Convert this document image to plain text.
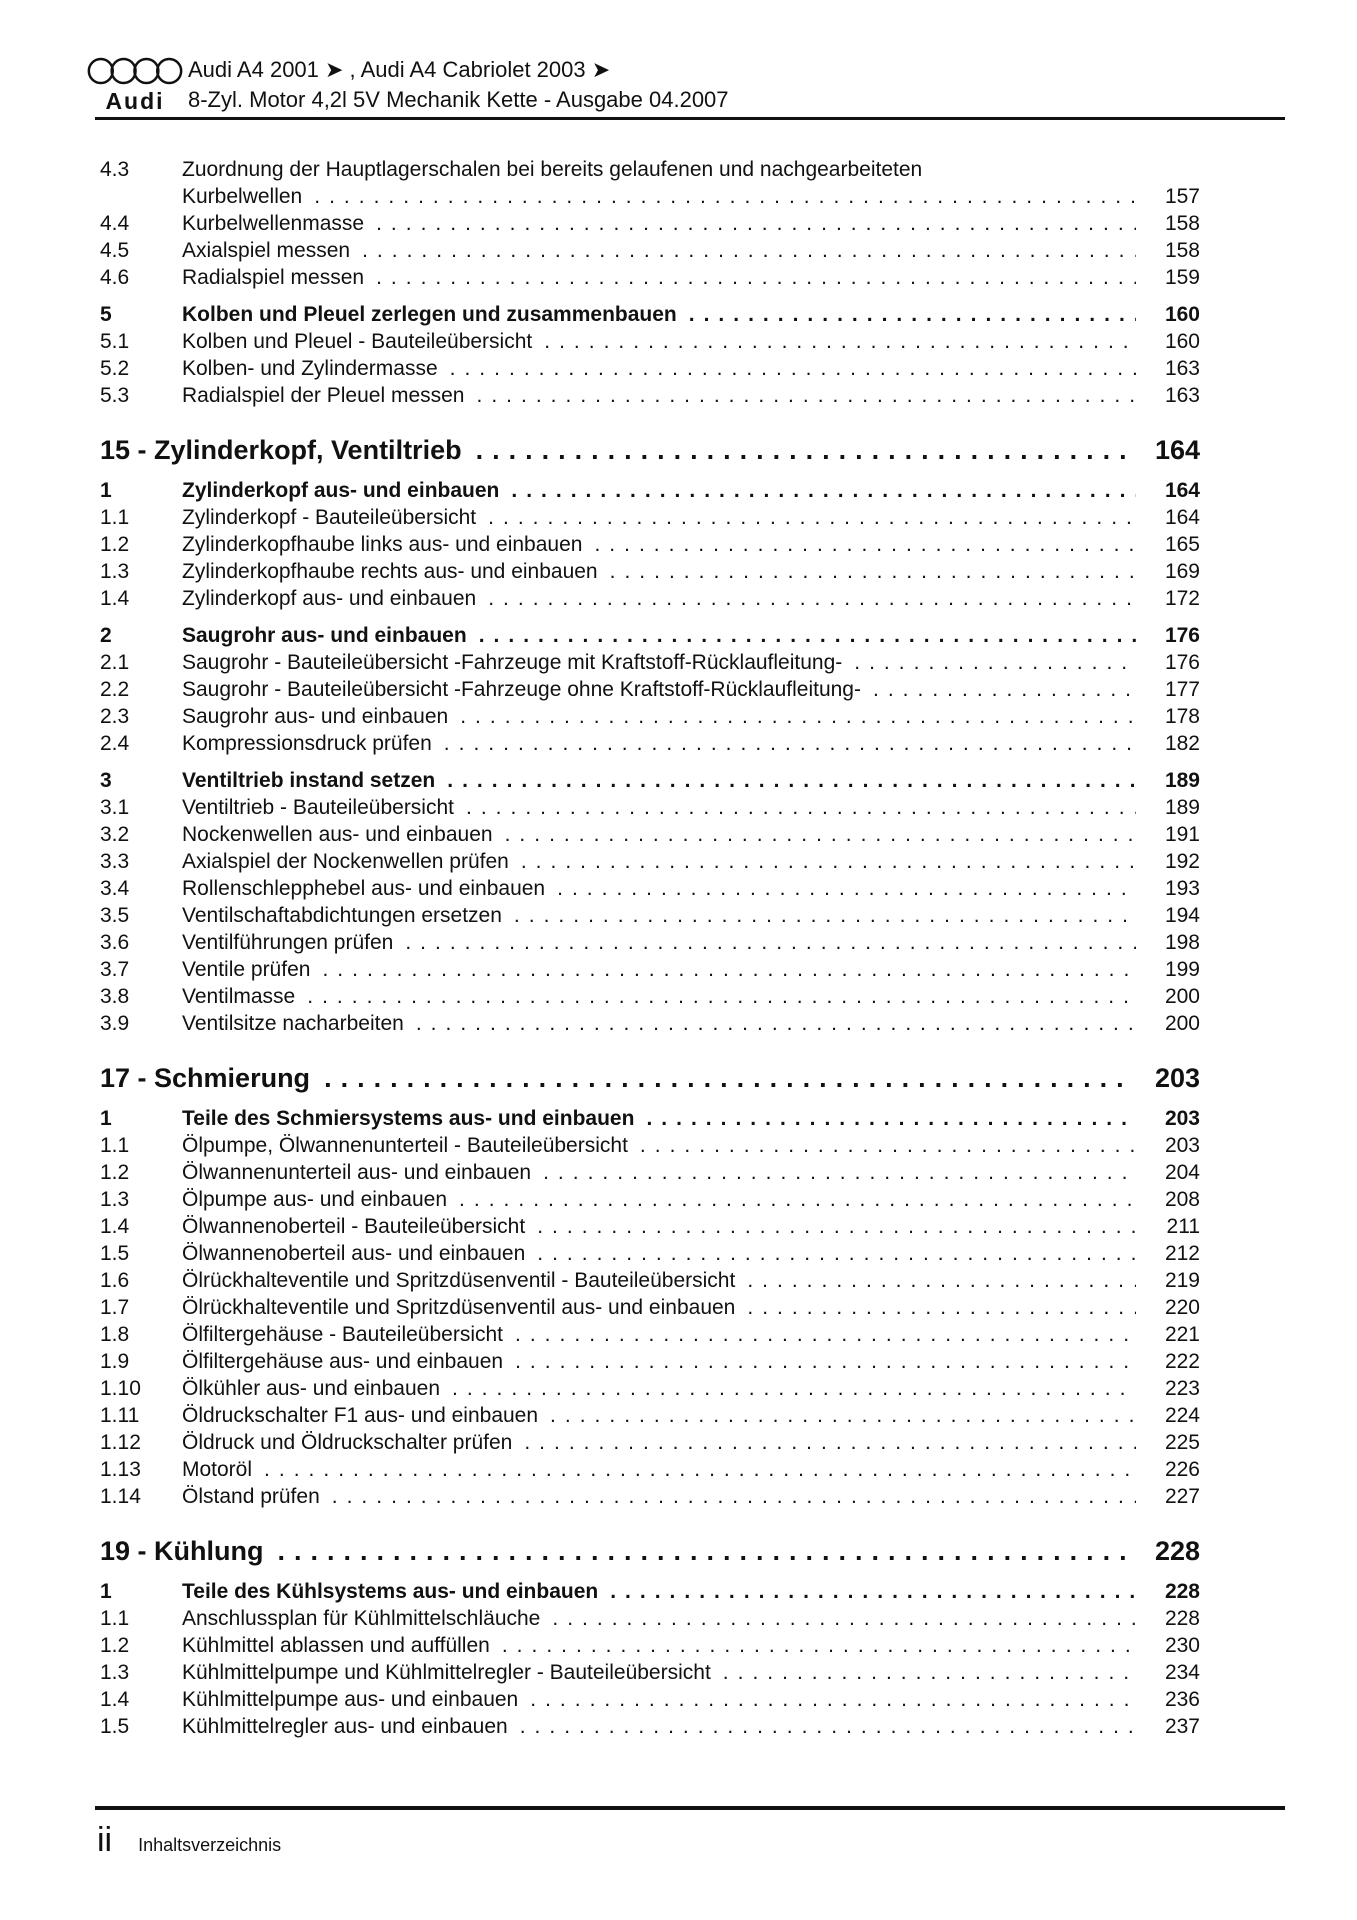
Audi
Audi A4 2001 ➤ , Audi A4 Cabriolet 2003 ➤
8-Zyl. Motor 4,2l 5V Mechanik Kette - Ausgabe 04.2007
4.3	Zuordnung der Hauptlagerschalen bei bereits gelaufenen und nachgearbeiteten
Kurbelwellen .....	157
4.4	Kurbelwellenmasse .....	158
4.5	Axialspiel messen .....	158
4.6	Radialspiel messen .....	159
5	Kolben und Pleuel zerlegen und zusammenbauen .....	160
5.1	Kolben und Pleuel - Bauteileübersicht .....	160
5.2	Kolben- und Zylindermasse .....	163
5.3	Radialspiel der Pleuel messen .....	163
15 - Zylinderkopf, Ventiltrieb .....	164
1	Zylinderkopf aus- und einbauen .....	164
1.1	Zylinderkopf - Bauteileübersicht .....	164
1.2	Zylinderkopfhaube links aus- und einbauen .....	165
1.3	Zylinderkopfhaube rechts aus- und einbauen .....	169
1.4	Zylinderkopf aus- und einbauen .....	172
2	Saugrohr aus- und einbauen .....	176
2.1	Saugrohr - Bauteileübersicht -Fahrzeuge mit Kraftstoff-Rücklaufleitung- .....	176
2.2	Saugrohr - Bauteileübersicht -Fahrzeuge ohne Kraftstoff-Rücklaufleitung- .....	177
2.3	Saugrohr aus- und einbauen .....	178
2.4	Kompressionsdruck prüfen .....	182
3	Ventiltrieb instand setzen .....	189
3.1	Ventiltrieb - Bauteileübersicht .....	189
3.2	Nockenwellen aus- und einbauen .....	191
3.3	Axialspiel der Nockenwellen prüfen .....	192
3.4	Rollenschlepphebel aus- und einbauen .....	193
3.5	Ventilschaftabdichtungen ersetzen .....	194
3.6	Ventilführungen prüfen .....	198
3.7	Ventile prüfen .....	199
3.8	Ventilmasse .....	200
3.9	Ventilsitze nacharbeiten .....	200
17 - Schmierung .....	203
1	Teile des Schmiersystems aus- und einbauen .....	203
1.1	Ölpumpe, Ölwannenunterteil - Bauteileübersicht .....	203
1.2	Ölwannenunterteil aus- und einbauen .....	204
1.3	Ölpumpe aus- und einbauen .....	208
1.4	Ölwannenoberteil - Bauteileübersicht .....	211
1.5	Ölwannenoberteil aus- und einbauen .....	212
1.6	Ölrückhalteventile und Spritzdüsenventil - Bauteileübersicht .....	219
1.7	Ölrückhalteventile und Spritzdüsenventil aus- und einbauen .....	220
1.8	Ölfiltergehäuse - Bauteileübersicht .....	221
1.9	Ölfiltergehäuse aus- und einbauen .....	222
1.10	Ölkühler aus- und einbauen .....	223
1.11	Öldruckschalter F1 aus- und einbauen .....	224
1.12	Öldruck und Öldruckschalter prüfen .....	225
1.13	Motoröl .....	226
1.14	Ölstand prüfen .....	227
19 - Kühlung .....	228
1	Teile des Kühlsystems aus- und einbauen .....	228
1.1	Anschlussplan für Kühlmittelschläuche .....	228
1.2	Kühlmittel ablassen und auffüllen .....	230
1.3	Kühlmittelpumpe und Kühlmittelregler - Bauteileübersicht .....	234
1.4	Kühlmittelpumpe aus- und einbauen .....	236
1.5	Kühlmittelregler aus- und einbauen .....	237
ii Inhaltsverzeichnis
